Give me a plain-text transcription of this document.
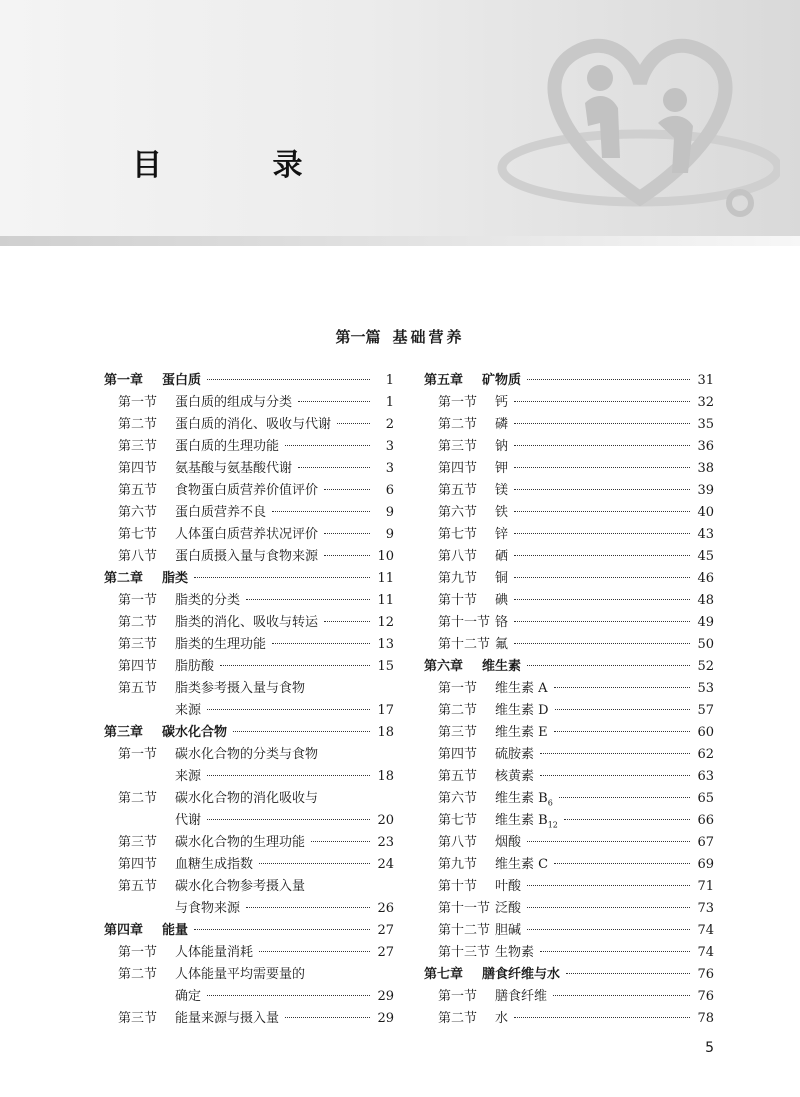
目 录
第一篇 基础营养
第一章	蛋白质	1
第一节	蛋白质的组成与分类	1
第二节	蛋白质的消化、吸收与代谢	2
第三节	蛋白质的生理功能	3
第四节	氨基酸与氨基酸代谢	3
第五节	食物蛋白质营养价值评价	6
第六节	蛋白质营养不良	9
第七节	人体蛋白质营养状况评价	9
第八节	蛋白质摄入量与食物来源	10
第二章	脂类	11
第一节	脂类的分类	11
第二节	脂类的消化、吸收与转运	12
第三节	脂类的生理功能	13
第四节	脂肪酸	15
第五节	脂类参考摄入量与食物
来源	17
第三章	碳水化合物	18
第一节	碳水化合物的分类与食物
来源	18
第二节	碳水化合物的消化吸收与
代谢	20
第三节	碳水化合物的生理功能	23
第四节	血糖生成指数	24
第五节	碳水化合物参考摄入量
与食物来源	26
第四章	能量	27
第一节	人体能量消耗	27
第二节	人体能量平均需要量的
确定	29
第三节	能量来源与摄入量	29
第五章	矿物质	31
第一节	钙	32
第二节	磷	35
第三节	钠	36
第四节	钾	38
第五节	镁	39
第六节	铁	40
第七节	锌	43
第八节	硒	45
第九节	铜	46
第十节	碘	48
第十一节 铬	49
第十二节 氟	50
第六章	维生素	52
第一节	维生素 A	53
第二节	维生素 D	57
第三节	维生素 E	60
第四节	硫胺素	62
第五节	核黄素	63
第六节	维生素 $B_6$	65
第七节	维生素 $B_{12}$	66
第八节	烟酸	67
第九节	维生素 C	69
第十节	叶酸	71
第十一节 泛酸	73
第十二节 胆碱	74
第十三节 生物素	74
第七章	膳食纤维与水	76
第一节	膳食纤维	76
第二节	水	78
5
